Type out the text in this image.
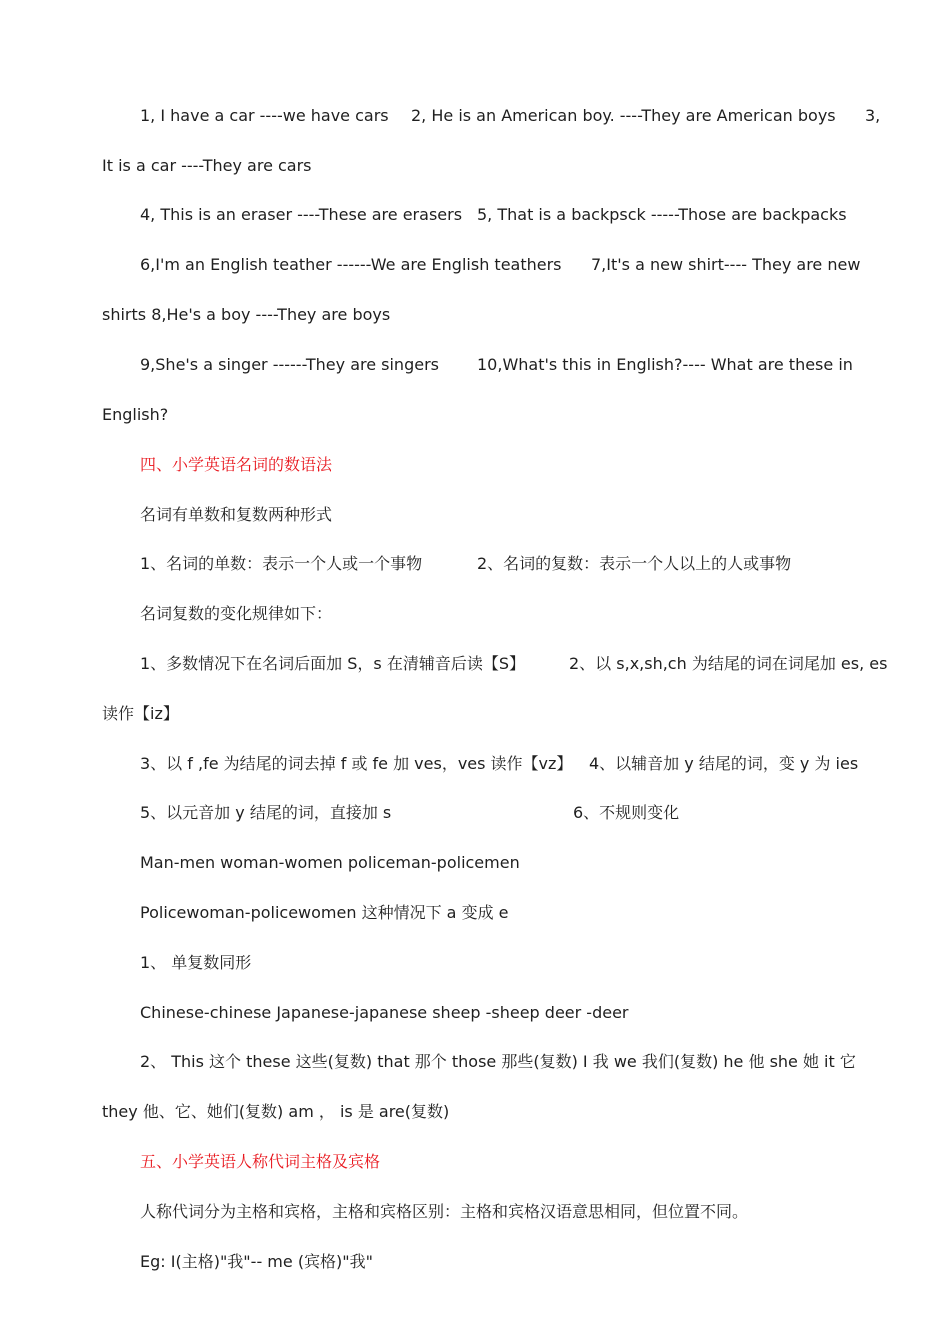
1, I have a car ----we have cars 2, He is an American boy. ----They are American boys 3,
It is a car ----They are cars
4, This is an eraser ----These are erasers 5, That is a backpsck -----Those are backpacks
6,I'm an English teather ------We are English teathers 7,It's a new shirt---- They are new
shirts 8,He's a boy ----They are boys
9,She's a singer ------They are singers 10,What's this in English?---- What are these in
English?
四、小学英语名词的数语法
名词有单数和复数两种形式
1、名词的单数：表示一个人或一个事物	2、名词的复数：表示一个人以上的人或事物
名词复数的变化规律如下：
1、多数情况下在名词后面加 S，s 在清辅音后读【S】	2、以 s,x,sh,ch 为结尾的词在词尾加 es, es
读作【iz】
3、以 f ,fe 为结尾的词去掉 f 或 fe 加 ves，ves 读作【vz】 4、以辅音加 y 结尾的词，变 y 为 ies
5、以元音加 y 结尾的词，直接加 s	6、不规则变化
Man-men woman-women policeman-policemen
Policewoman-policewomen 这种情况下 a 变成 e
1、 单复数同形
Chinese-chinese Japanese-japanese sheep -sheep deer -deer
2、 This 这个 these 这些(复数) that 那个 those 那些(复数) I 我 we 我们(复数) he 他 she 她 it 它
they 他、它、她们(复数) am ， is 是 are(复数)
五、小学英语人称代词主格及宾格
人称代词分为主格和宾格，主格和宾格区别：主格和宾格汉语意思相同，但位置不同。
Eg: I(主格)"我"-- me (宾格)"我"
